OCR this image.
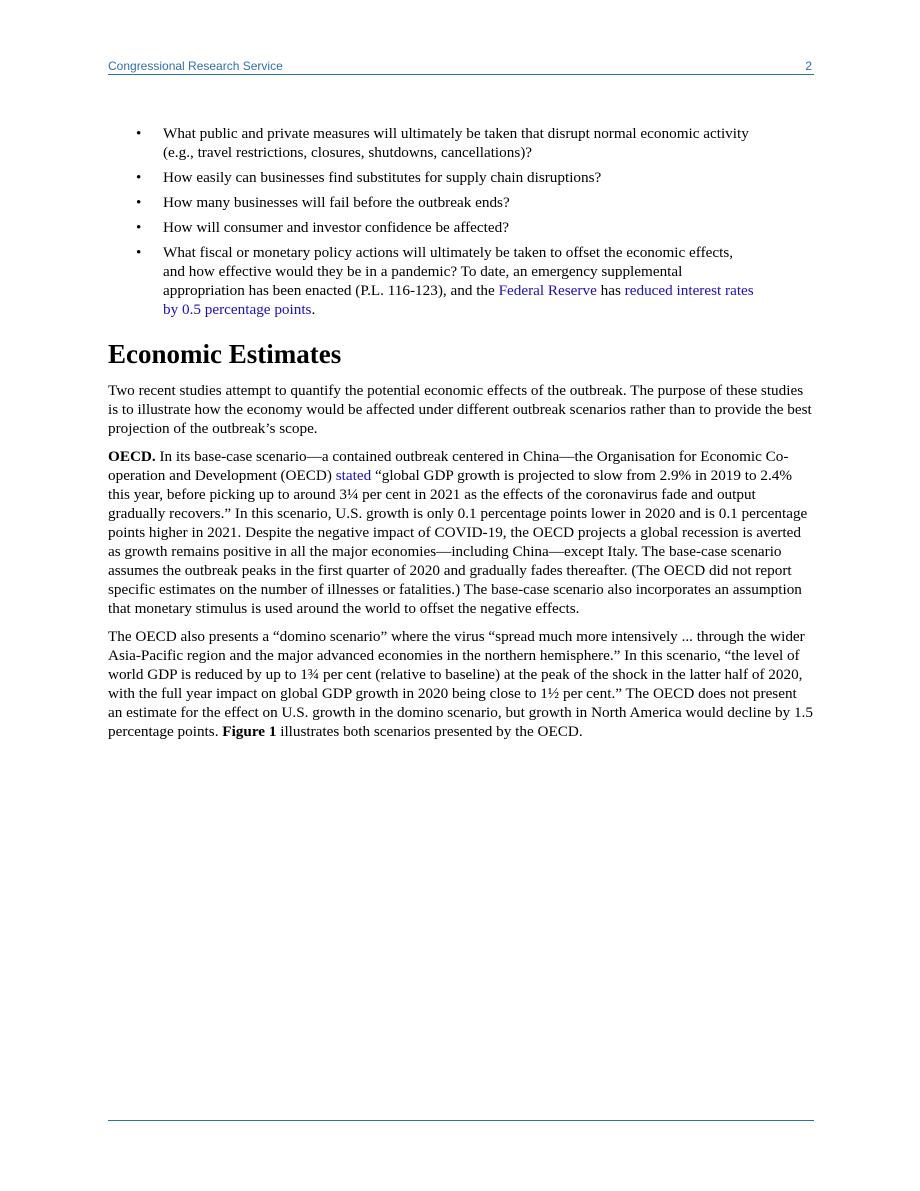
Congressional Research Service	2
• What public and private measures will ultimately be taken that disrupt normal economic activity (e.g., travel restrictions, closures, shutdowns, cancellations)?
• How easily can businesses find substitutes for supply chain disruptions?
• How many businesses will fail before the outbreak ends?
• How will consumer and investor confidence be affected?
• What fiscal or monetary policy actions will ultimately be taken to offset the economic effects, and how effective would they be in a pandemic? To date, an emergency supplemental appropriation has been enacted (P.L. 116-123), and the Federal Reserve has reduced interest rates by 0.5 percentage points.
Economic Estimates

Two recent studies attempt to quantify the potential economic effects of the outbreak. The purpose of these studies is to illustrate how the economy would be affected under different outbreak scenarios rather than to provide the best projection of the outbreak’s scope.

OECD. In its base-case scenario—a contained outbreak centered in China—the Organisation for Economic Co-operation and Development (OECD) stated “global GDP growth is projected to slow from 2.9% in 2019 to 2.4% this year, before picking up to around 3¼ per cent in 2021 as the effects of the coronavirus fade and output gradually recovers.” In this scenario, U.S. growth is only 0.1 percentage points lower in 2020 and is 0.1 percentage points higher in 2021. Despite the negative impact of COVID-19, the OECD projects a global recession is averted as growth remains positive in all the major economies—including China—except Italy. The base-case scenario assumes the outbreak peaks in the first quarter of 2020 and gradually fades thereafter. (The OECD did not report specific estimates on the number of illnesses or fatalities.) The base-case scenario also incorporates an assumption that monetary stimulus is used around the world to offset the negative effects.

The OECD also presents a “domino scenario” where the virus “spread much more intensively ... through the wider Asia-Pacific region and the major advanced economies in the northern hemisphere.” In this scenario, “the level of world GDP is reduced by up to 1¾ per cent (relative to baseline) at the peak of the shock in the latter half of 2020, with the full year impact on global GDP growth in 2020 being close to 1½ per cent.” The OECD does not present an estimate for the effect on U.S. growth in the domino scenario, but growth in North America would decline by 1.5 percentage points. Figure 1 illustrates both scenarios presented by the OECD.
